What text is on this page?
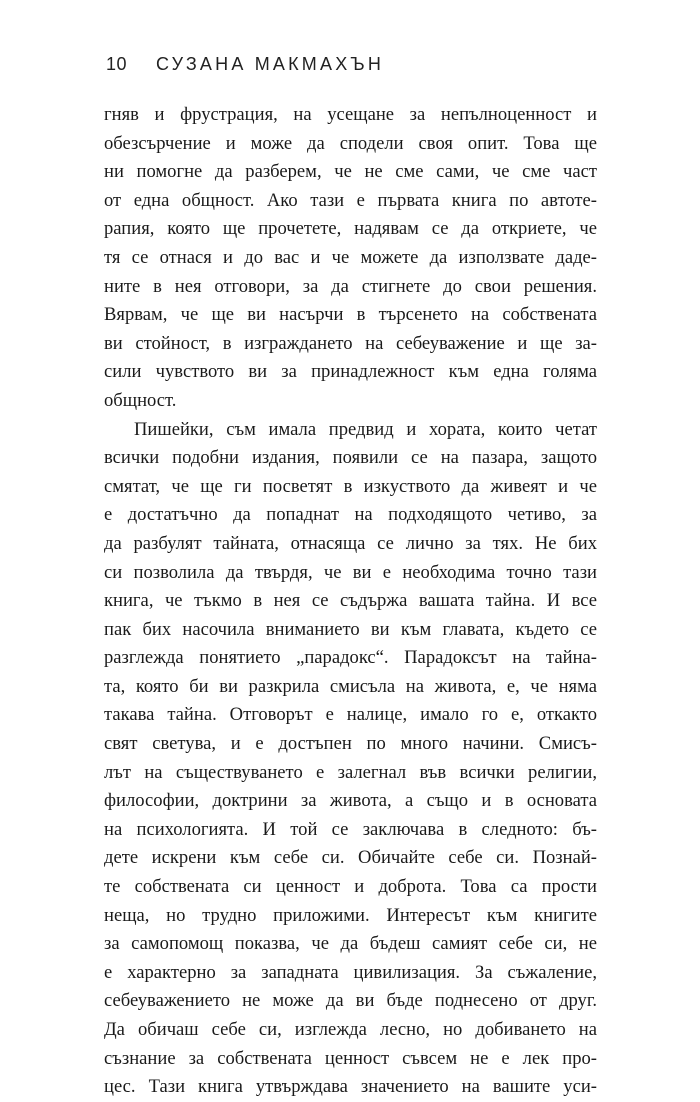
10	СУЗАНА МАКМАХЪН
гняв и фрустрация, на усещане за непълноценност и
обезсърчение и може да сподели своя опит. Това ще
ни помогне да разберем, че не сме сами, че сме част
от една общност. Ако тази е първата книга по автоте-
рапия, която ще прочетете, надявам се да откриете, че
тя се отнася и до вас и че можете да използвате даде-
ните в нея отговори, за да стигнете до свои решения.
Вярвам, че ще ви насърчи в търсенето на собствената
ви стойност, в изграждането на себеуважение и ще за-
сили чувството ви за принадлежност към една голяма
общност.
Пишейки, съм имала предвид и хората, които четат
всички подобни издания, появили се на пазара, защото
смятат, че ще ги посветят в изкуството да живеят и че
е достатъчно да попаднат на подходящото четиво, за
да разбулят тайната, отнасяща се лично за тях. Не бих
си позволила да твърдя, че ви е необходима точно тази
книга, че тъкмо в нея се съдържа вашата тайна. И все
пак бих насочила вниманието ви към главата, където се
разглежда понятието „парадокс“. Парадоксът на тайна-
та, която би ви разкрила смисъла на живота, е, че няма
такава тайна. Отговорът е налице, имало го е, откакто
свят светува, и е достъпен по много начини. Смисъ-
лът на съществуването е залегнал във всички религии,
философии, доктрини за живота, а също и в основата
на психологията. И той се заключава в следното: бъ-
дете искрени към себе си. Обичайте себе си. Познай-
те собствената си ценност и доброта. Това са прости
неща, но трудно приложими. Интересът към книгите
за самопомощ показва, че да бъдеш самият себе си, не
е характерно за западната цивилизация. За съжаление,
себеуважението не може да ви бъде поднесено от друг.
Да обичаш себе си, изглежда лесно, но добиването на
съзнание за собствената ценност съвсем не е лек про-
цес. Тази книга утвърждава значението на вашите уси-
